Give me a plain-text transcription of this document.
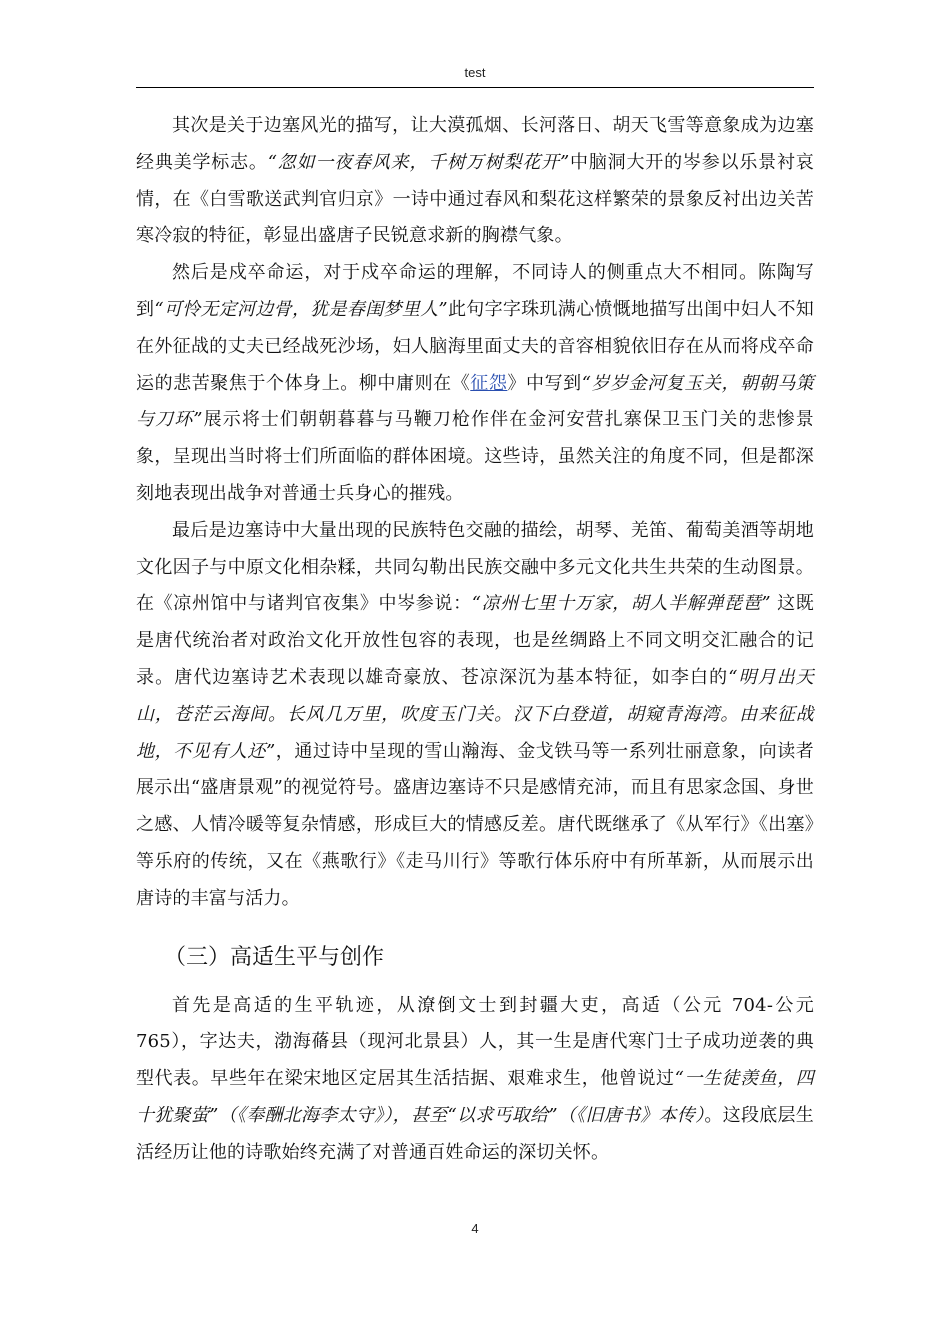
test

其次是关于边塞风光的描写，让大漠孤烟、长河落日、胡天飞雪等意象成为边塞经典美学标志。“忽如一夜春风来，千树万树梨花开”中脑洞大开的岑参以乐景衬哀情，在《白雪歌送武判官归京》一诗中通过春风和梨花这样繁荣的景象反衬出边关苦寒冷寂的特征，彰显出盛唐子民锐意求新的胸襟气象。

然后是戍卒命运，对于戍卒命运的理解，不同诗人的侧重点大不相同。陈陶写到“可怜无定河边骨，犹是春闺梦里人”此句字字珠玑满心愤慨地描写出闺中妇人不知在外征战的丈夫已经战死沙场，妇人脑海里面丈夫的音容相貌依旧存在从而将戍卒命运的悲苦聚焦于个体身上。柳中庸则在《征怨》中写到“岁岁金河复玉关，朝朝马策与刀环”展示将士们朝朝暮暮与马鞭刀枪作伴在金河安营扎寨保卫玉门关的悲惨景象，呈现出当时将士们所面临的群体困境。这些诗，虽然关注的角度不同，但是都深刻地表现出战争对普通士兵身心的摧残。

最后是边塞诗中大量出现的民族特色交融的描绘，胡琴、羌笛、葡萄美酒等胡地文化因子与中原文化相杂糅，共同勾勒出民族交融中多元文化共生共荣的生动图景。在《凉州馆中与诸判官夜集》中岑参说：“凉州七里十万家，胡人半解弹琵琶” 这既是唐代统治者对政治文化开放性包容的表现，也是丝绸路上不同文明交汇融合的记录。唐代边塞诗艺术表现以雄奇豪放、苍凉深沉为基本特征，如李白的“明月出天山，苍茫云海间。长风几万里，吹度玉门关。汉下白登道，胡窥青海湾。由来征战地，不见有人还”，通过诗中呈现的雪山瀚海、金戈铁马等一系列壮丽意象，向读者展示出“盛唐景观”的视觉符号。盛唐边塞诗不只是感情充沛，而且有思家念国、身世之感、人情冷暖等复杂情感，形成巨大的情感反差。唐代既继承了《从军行》《出塞》等乐府的传统，又在《燕歌行》《走马川行》等歌行体乐府中有所革新，从而展示出唐诗的丰富与活力。

（三）高适生平与创作

首先是高适的生平轨迹，从潦倒文士到封疆大吏，高适（公元 704-公元 765），字达夫，渤海蓨县（现河北景县）人，其一生是唐代寒门士子成功逆袭的典型代表。早些年在梁宋地区定居其生活拮据、艰难求生，他曾说过“一生徒羡鱼，四十犹聚萤”（《奉酬北海李太守》），甚至“以求丐取给”（《旧唐书》本传）。这段底层生活经历让他的诗歌始终充满了对普通百姓命运的深切关怀。

4
